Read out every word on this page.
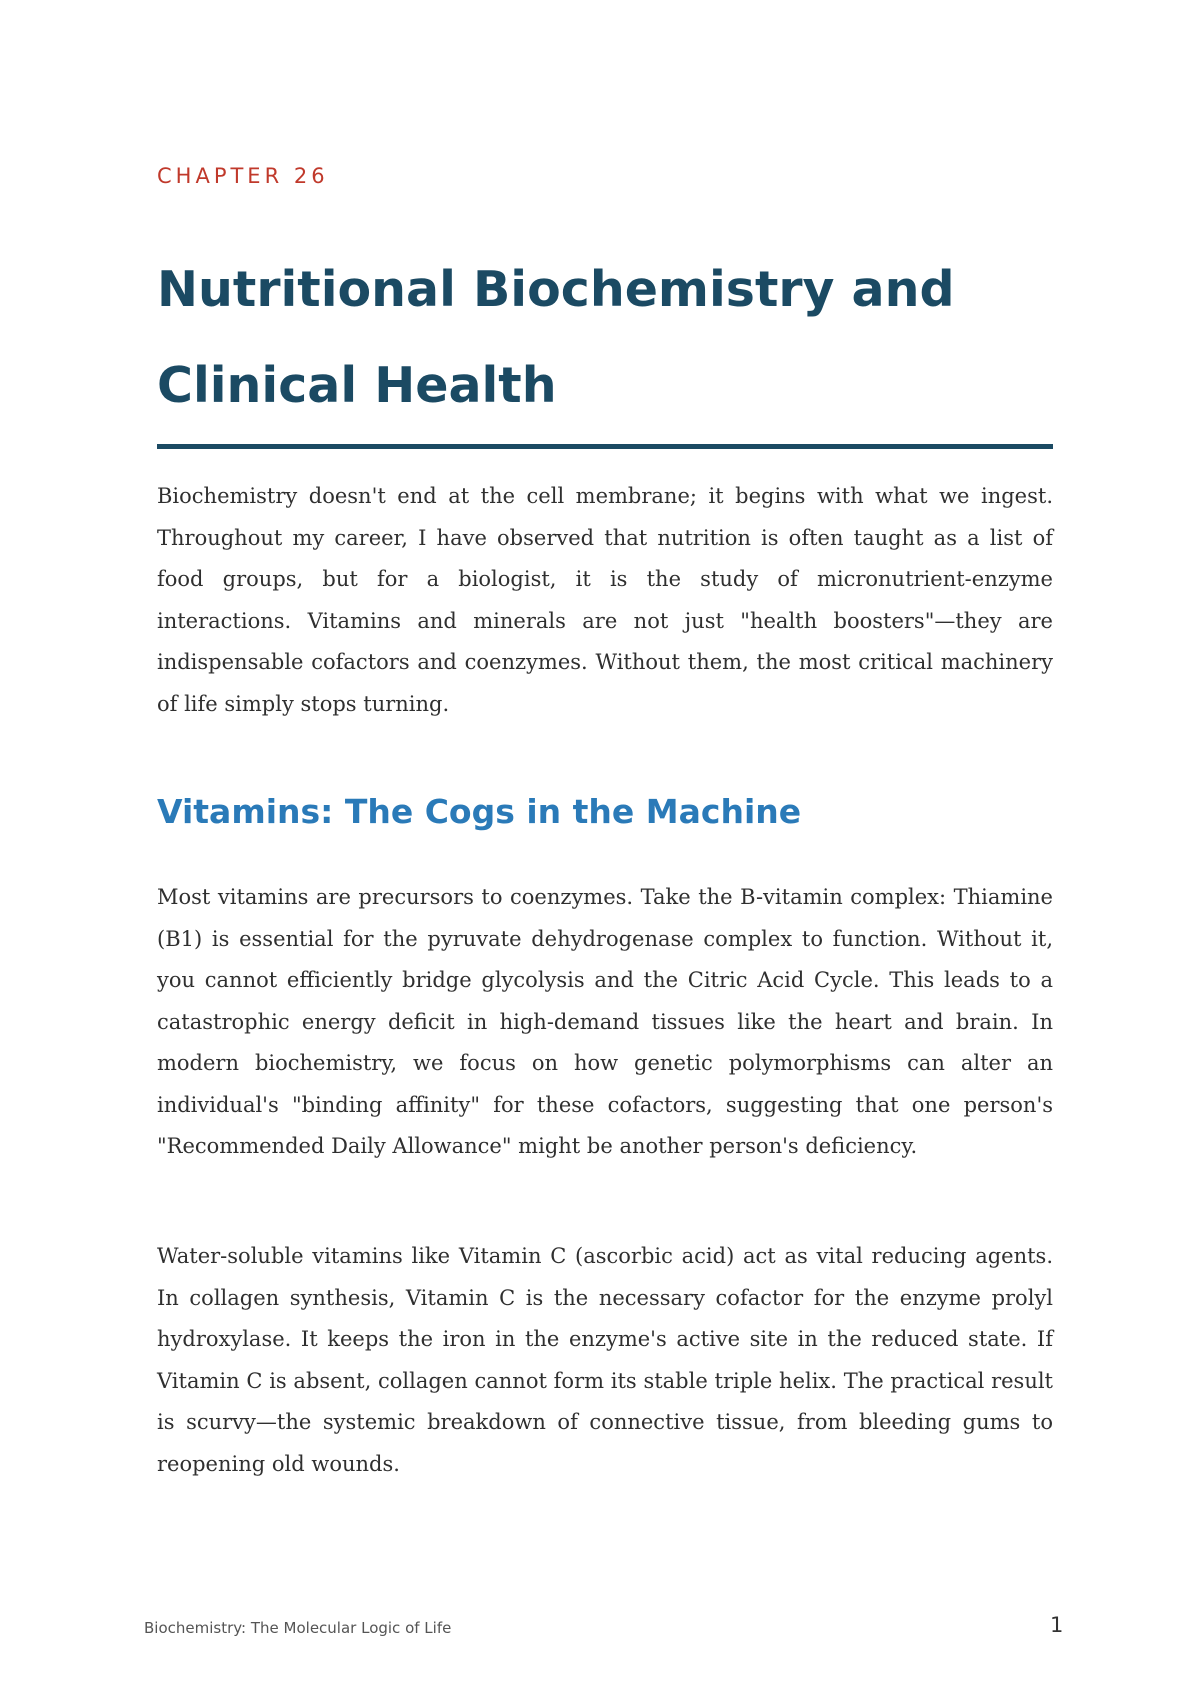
CHAPTER 26
Nutritional Biochemistry and Clinical Health

Biochemistry doesn't end at the cell membrane; it begins with what we ingest. Throughout my career, I have observed that nutrition is often taught as a list of food groups, but for a biologist, it is the study of micronutrient-enzyme interactions. Vitamins and minerals are not just "health boosters"—they are indispensable cofactors and coenzymes. Without them, the most critical machinery of life simply stops turning.

Vitamins: The Cogs in the Machine

Most vitamins are precursors to coenzymes. Take the B-vitamin complex: Thiamine (B1) is essential for the pyruvate dehydrogenase complex to function. Without it, you cannot efficiently bridge glycolysis and the Citric Acid Cycle. This leads to a catastrophic energy deficit in high-demand tissues like the heart and brain. In modern biochemistry, we focus on how genetic polymorphisms can alter an individual's "binding affinity" for these cofactors, suggesting that one person's "Recommended Daily Allowance" might be another person's deficiency.

Water-soluble vitamins like Vitamin C (ascorbic acid) act as vital reducing agents. In collagen synthesis, Vitamin C is the necessary cofactor for the enzyme prolyl hydroxylase. It keeps the iron in the enzyme's active site in the reduced state. If Vitamin C is absent, collagen cannot form its stable triple helix. The practical result is scurvy—the systemic breakdown of connective tissue, from bleeding gums to reopening old wounds.

Biochemistry: The Molecular Logic of Life	1
